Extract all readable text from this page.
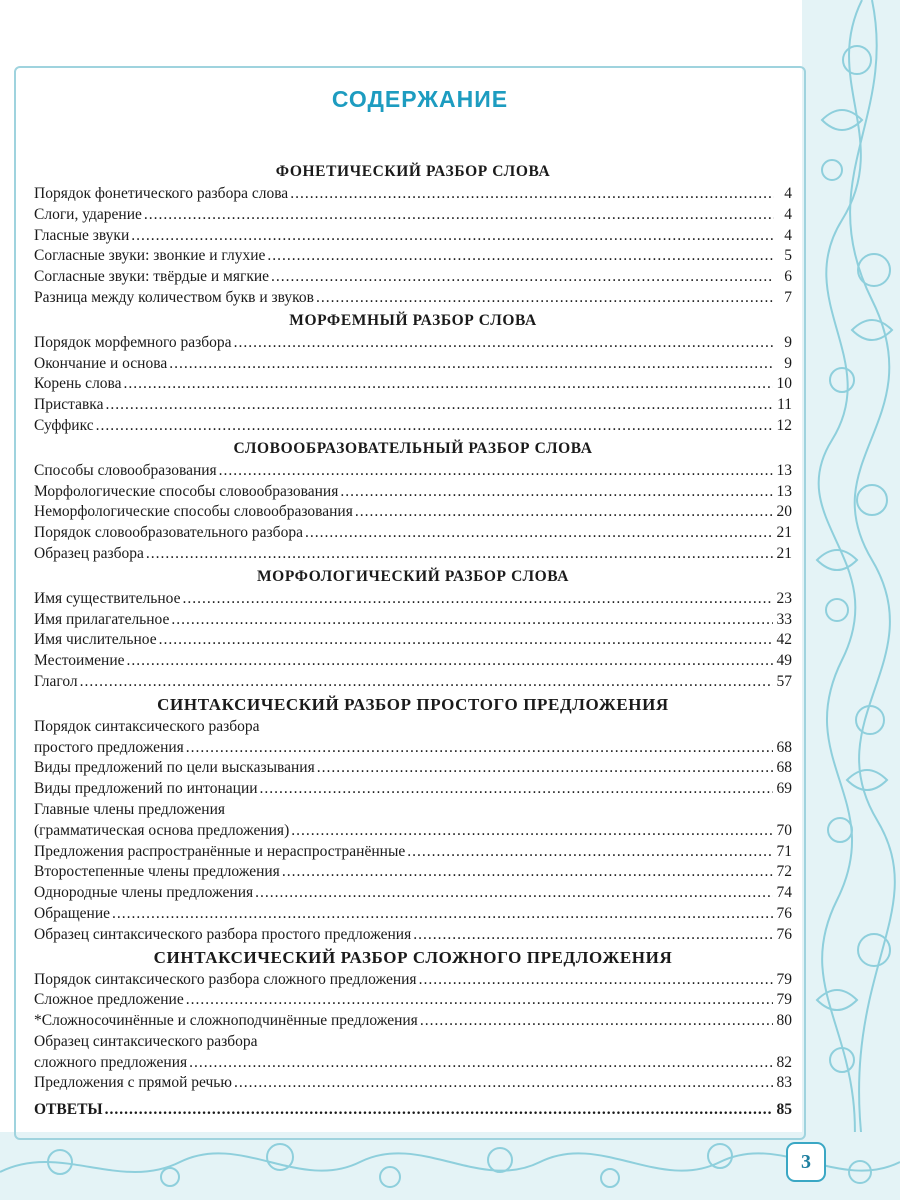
СОДЕРЖАНИЕ
ФОНЕТИЧЕСКИЙ РАЗБОР СЛОВА
Порядок фонетического разбора слова .....	4
Слоги, ударение .....	4
Гласные звуки .....	4
Согласные звуки: звонкие и глухие .....	5
Согласные звуки: твёрдые и мягкие .....	6
Разница между количеством букв и звуков .....	7
МОРФЕМНЫЙ РАЗБОР СЛОВА
Порядок морфемного разбора .....	9
Окончание и основа .....	9
Корень слова .....	10
Приставка .....	11
Суффикс .....	12
СЛОВООБРАЗОВАТЕЛЬНЫЙ РАЗБОР СЛОВА
Способы словообразования .....	13
Морфологические способы словообразования .....	13
Неморфологические способы словообразования .....	20
Порядок словообразовательного разбора .....	21
Образец разбора .....	21
МОРФОЛОГИЧЕСКИЙ РАЗБОР СЛОВА
Имя существительное .....	23
Имя прилагательное .....	33
Имя числительное .....	42
Местоимение .....	49
Глагол .....	57
СИНТАКСИЧЕСКИЙ РАЗБОР ПРОСТОГО ПРЕДЛОЖЕНИЯ
Порядок синтаксического разбора
простого предложения .....	68
Виды предложений по цели высказывания .....	68
Виды предложений по интонации .....	69
Главные члены предложения
(грамматическая основа предложения) .....	70
Предложения распространённые и нераспространённые .....	71
Второстепенные члены предложения .....	72
Однородные члены предложения .....	74
Обращение .....	76
Образец синтаксического разбора простого предложения .....	76
СИНТАКСИЧЕСКИЙ РАЗБОР СЛОЖНОГО ПРЕДЛОЖЕНИЯ
Порядок синтаксического разбора сложного предложения .....	79
Сложное предложение .....	79
*Сложносочинённые и сложноподчинённые предложения .....	80
Образец синтаксического разбора
сложного предложения .....	82
Предложения с прямой речью .....	83
ОТВЕТЫ .....	85
3
